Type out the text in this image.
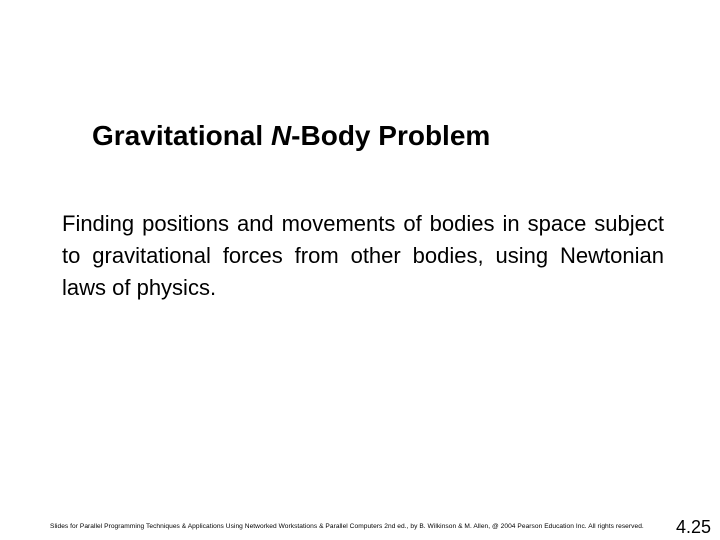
Gravitational N-Body Problem

Finding positions and movements of bodies in space subject to gravitational forces from other bodies, using Newtonian laws of physics.

Slides for Parallel Programming Techniques & Applications Using Networked Workstations & Parallel Computers 2nd ed., by B. Wilkinson & M. Allen, @ 2004 Pearson Education Inc. All rights reserved.	4.25
